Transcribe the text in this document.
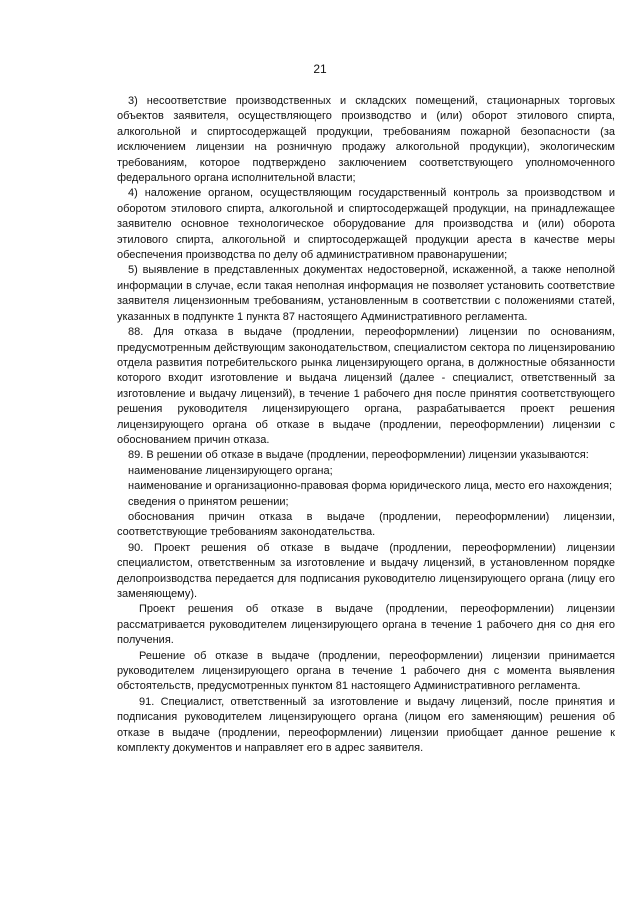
21

3) несоответствие производственных и складских помещений, стационарных торговых объектов заявителя, осуществляющего производство и (или) оборот этилового спирта, алкогольной и спиртосодержащей продукции, требованиям пожарной безопасности (за исключением лицензии на розничную продажу алкогольной продукции), экологическим требованиям, которое подтверждено заключением соответствующего уполномоченного федерального органа исполнительной власти;

4) наложение органом, осуществляющим государственный контроль за производством и оборотом этилового спирта, алкогольной и спиртосодержащей продукции, на принадлежащее заявителю основное технологическое оборудование для производства и (или) оборота этилового спирта, алкогольной и спиртосодержащей продукции ареста в качестве меры обеспечения производства по делу об административном правонарушении;

5) выявление в представленных документах недостоверной, искаженной, а также неполной информации в случае, если такая неполная информация не позволяет установить соответствие заявителя лицензионным требованиям, установленным в соответствии с положениями статей, указанных в подпункте 1 пункта 87 настоящего Административного регламента.

88. Для отказа в выдаче (продлении, переоформлении) лицензии по основаниям, предусмотренным действующим законодательством, специалистом сектора по лицензированию отдела развития потребительского рынка лицензирующего органа, в должностные обязанности которого входит изготовление и выдача лицензий (далее - специалист, ответственный за изготовление и выдачу лицензий), в течение 1 рабочего дня после принятия соответствующего решения руководителя лицензирующего органа, разрабатывается проект решения лицензирующего органа об отказе в выдаче (продлении, переоформлении) лицензии с обоснованием причин отказа.

89. В решении об отказе в выдаче (продлении, переоформлении) лицензии указываются:

наименование лицензирующего органа;

наименование и организационно-правовая форма юридического лица, место его нахождения;

сведения о принятом решении;

обоснования причин отказа в выдаче (продлении, переоформлении) лицензии, соответствующие требованиям законодательства.

90. Проект решения об отказе в выдаче (продлении, переоформлении) лицензии специалистом, ответственным за изготовление и выдачу лицензий, в установленном порядке делопроизводства передается для подписания руководителю лицензирующего органа (лицу его заменяющему).

Проект решения об отказе в выдаче (продлении, переоформлении) лицензии рассматривается руководителем лицензирующего органа в течение 1 рабочего дня со дня его получения.

Решение об отказе в выдаче (продлении, переоформлении) лицензии принимается руководителем лицензирующего органа в течение 1 рабочего дня с момента выявления обстоятельств, предусмотренных пунктом 81 настоящего Административного регламента.

91. Специалист, ответственный за изготовление и выдачу лицензий, после принятия и подписания руководителем лицензирующего органа (лицом его заменяющим) решения об отказе в выдаче (продлении, переоформлении) лицензии приобщает данное решение к комплекту документов и направляет его в адрес заявителя.
